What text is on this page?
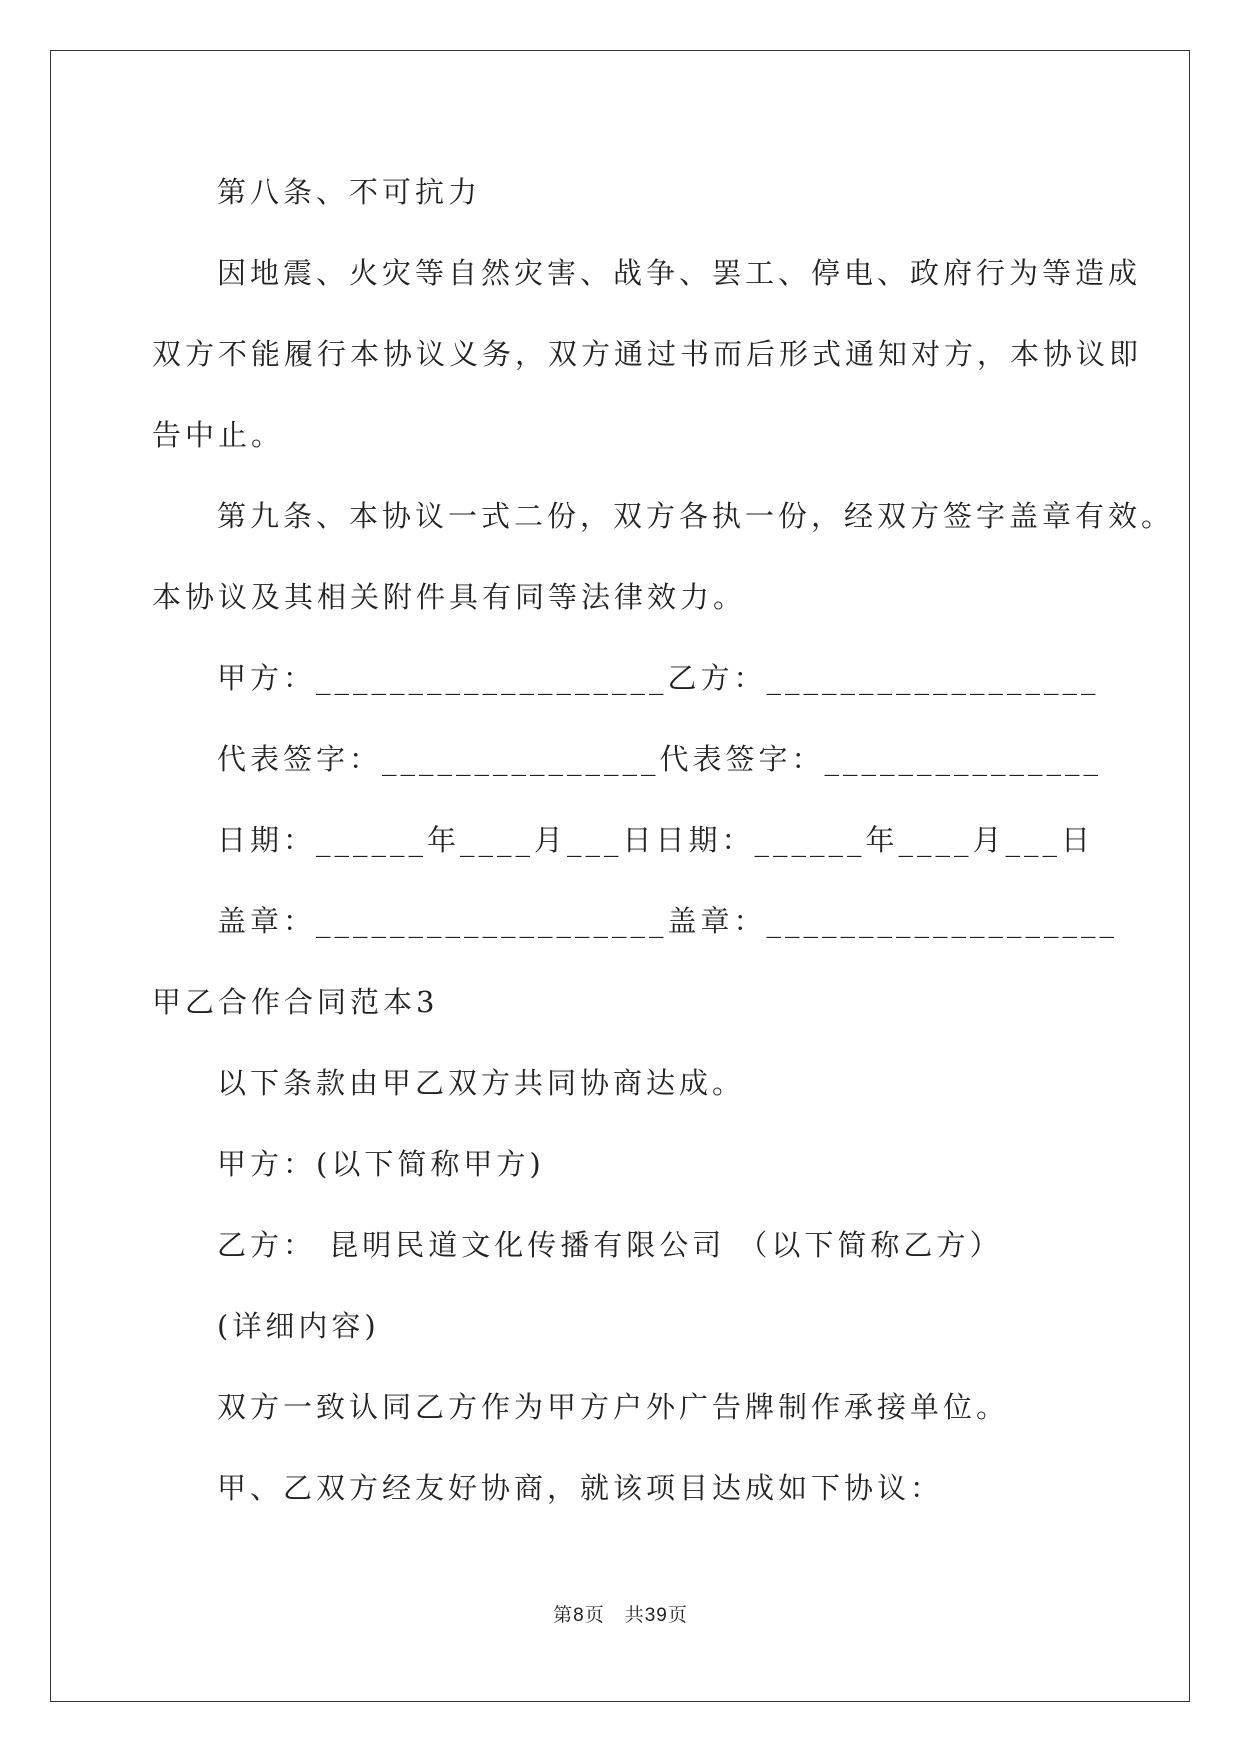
第八条、不可抗力
因地震、火灾等自然灾害、战争、罢工、停电、政府行为等造成
双方不能履行本协议义务，双方通过书而后形式通知对方，本协议即
告中止。
第九条、本协议一式二份，双方各执一份，经双方签字盖章有效。
本协议及其相关附件具有同等法律效力。
甲方：___________________乙方：__________________
代表签字：_______________代表签字：_______________
日期：______年____月___日日期：______年____月___日
盖章：___________________盖章：___________________
甲乙合作合同范本3
以下条款由甲乙双方共同协商达成。
甲方：(以下简称甲方)
乙方： 昆明民道文化传播有限公司 （以下简称乙方）
(详细内容)
双方一致认同乙方作为甲方户外广告牌制作承接单位。
甲、乙双方经友好协商，就该项目达成如下协议：
第8页　共39页
